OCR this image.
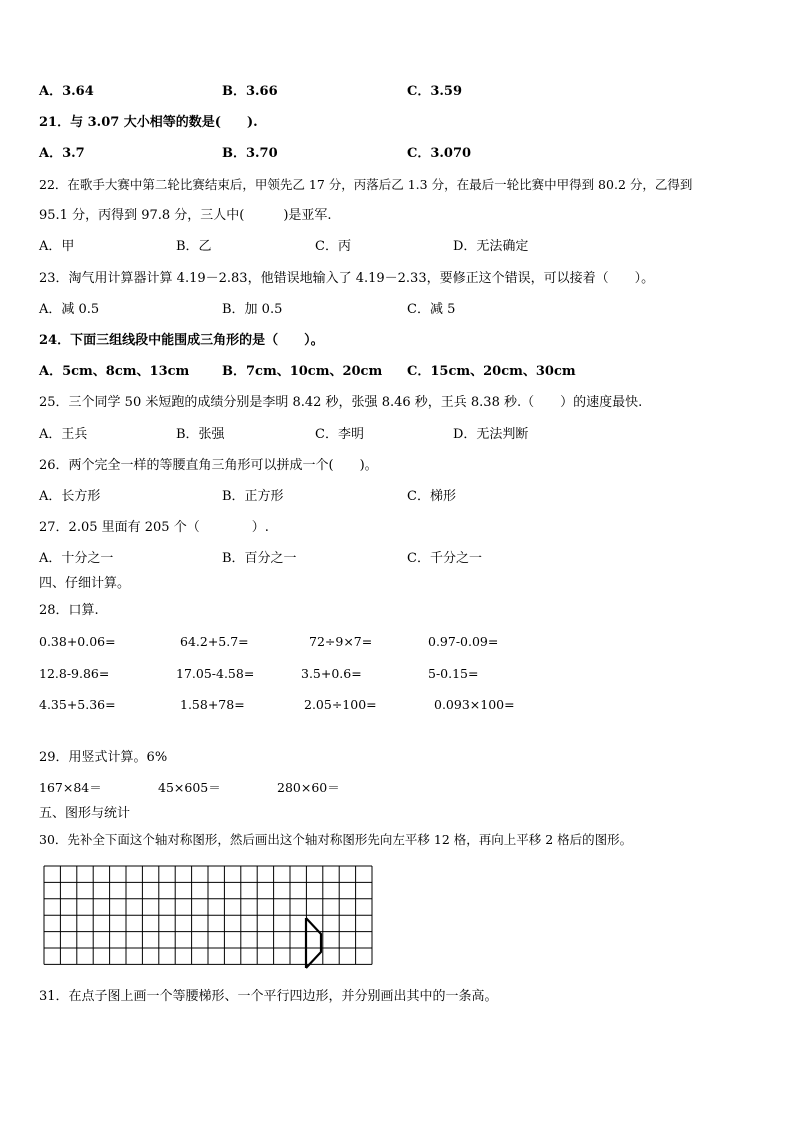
A．3.64	B．3.66	C．3.59
21．与 3.07 大小相等的数是(　　).
A．3.7	B．3.70	C．3.070
22．在歌手大赛中第二轮比赛结束后，甲领先乙 17 分，丙落后乙 1.3 分，在最后一轮比赛中甲得到 80.2 分，乙得到
95.1 分，丙得到 97.8 分，三人中(　　　)是亚军.
A．甲	B．乙	C．丙	D．无法确定
23．淘气用计算器计算 4.19－2.83，他错误地输入了 4.19－2.33，要修正这个错误，可以接着（　　）。
A．减 0.5	B．加 0.5	C．减 5
24．下面三组线段中能围成三角形的是（　　）。
A．5cm、8cm、13cm	B．7cm、10cm、20cm C．15cm、20cm、30cm
25．三个同学 50 米短跑的成绩分别是李明 8.42 秒，张强 8.46 秒，王兵 8.38 秒.（　　）的速度最快.
A．王兵	B．张强	C．李明	D．无法判断
26．两个完全一样的等腰直角三角形可以拼成一个(　　)。
A．长方形	B．正方形	C．梯形
27．2.05 里面有 205 个（　　　　）.
A．十分之一	B．百分之一	C．千分之一
四、仔细计算。
28．口算.
0.38+0.06=	64.2+5.7=	72÷9×7=	0.97-0.09=
12.8-9.86=	17.05-4.58=	3.5+0.6=	5-0.15=
4.35+5.36=	1.58+78=	2.05÷100=	0.093×100=
29．用竖式计算。6%
167×84＝	45×605＝	280×60＝
五、图形与统计
30．先补全下面这个轴对称图形，然后画出这个轴对称图形先向左平移 12 格，再向上平移 2 格后的图形。
31．在点子图上画一个等腰梯形、一个平行四边形，并分别画出其中的一条高。
